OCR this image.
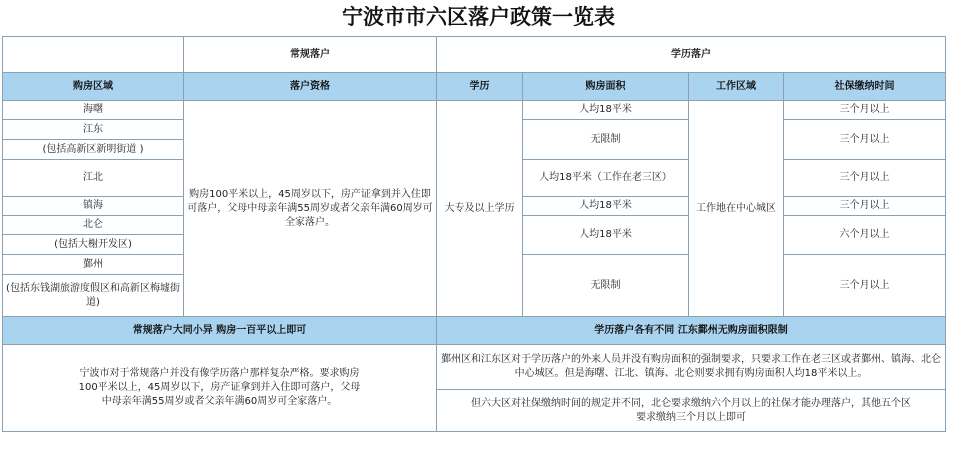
宁波市市六区落户政策一览表
	常规落户	学历落户			
购房区域	落户资格	学历	购房面积	工作区域	社保缴纳时间
海曙	购房100平米以上，45周岁以下，房产证拿到并入住即可落户，父母中母亲年满55周岁或者父亲年满60周岁可全家落户。	大专及以上学历	人均18平米	工作地在中心城区	三个月以上
江东			无限制		三个月以上
(包括高新区新明街道 )					
江北			人均18平米（工作在老三区）		三个月以上
镇海			人均18平米		三个月以上
北仑			人均18平米		六个月以上
(包括大榭开发区)					
鄞州			无限制		三个月以上
(包括东钱湖旅游度假区和高新区梅墟街道)					
常规落户大同小异 购房一百平以上即可		学历落户各有不同 江东鄞州无购房面积限制			

宁波市对于常规落户并没有像学历落户那样复杂严格。要求购房100平米以上，45周岁以下，房产证拿到并入住即可落户，父母中母亲年满55周岁或者父亲年满60周岁可全家落户。		鄞州区和江东区对于学历落户的外来人员并没有购房面积的强制要求，只要求工作在老三区或者鄞州、镇海、北仑中心城区。但是海曙、江北、镇海、北仑则要求拥有购房面积人均18平米以上。			

		但六大区对社保缴纳时间的规定并不同，北仑要求缴纳六个月以上的社保才能办理落户，其他五个区要求缴纳三个月以上即可			
